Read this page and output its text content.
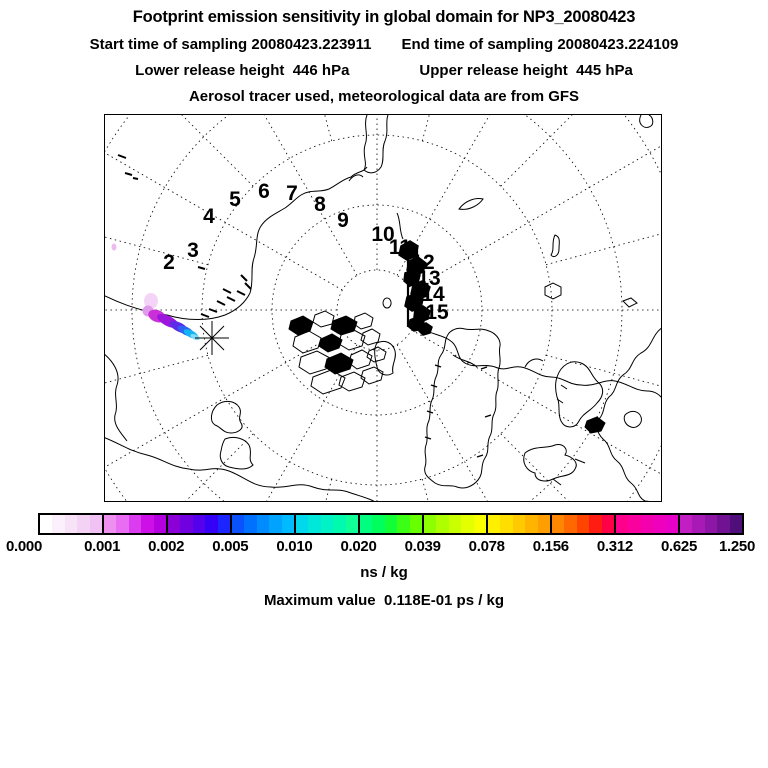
Footprint emission sensitivity in global domain for NP3_20080423
Start time of sampling 20080423.223911 End time of sampling 20080423.224109
Lower release height  446 hPa	Upper release height  445 hPa
Aerosol tracer used, meteorological data are from GFS
2
3
4
5 6 7 8
9
10
11
12
13
14
15
0.000	0.001 0.002 0.005 0.010 0.020 0.039 0.078 0.156 0.312 0.625 1.250
ns / kg
Maximum value  0.118E-01 ps / kg
